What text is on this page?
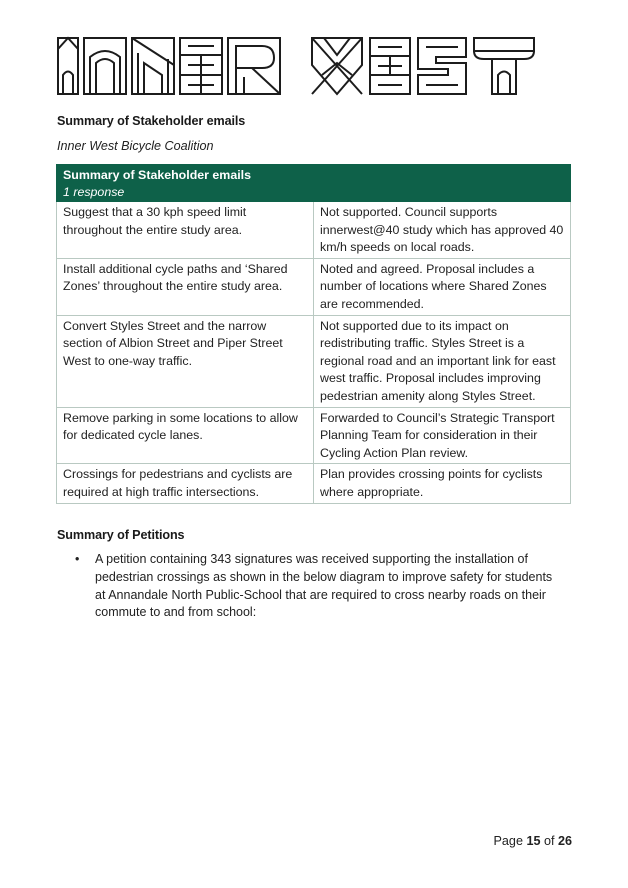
Summary of Stakeholder emails
Inner West Bicycle Coalition
Summary of Stakeholder emails
1 response	

Suggest that a 30 kph speed limit throughout the entire study area.	Not supported. Council supports innerwest@40 study which has approved 40 km/h speeds on local roads.
Install additional cycle paths and ‘Shared Zones’ throughout the entire study area.	Noted and agreed. Proposal includes a number of locations where Shared Zones are recommended.
Convert Styles Street and the narrow section of Albion Street and Piper Street West to one-way traffic.	Not supported due to its impact on redistributing traffic. Styles Street is a regional road and an important link for east west traffic. Proposal includes improving pedestrian amenity along Styles Street.
Remove parking in some locations to allow for dedicated cycle lanes.	Forwarded to Council’s Strategic Transport Planning Team for consideration in their Cycling Action Plan review.
Crossings for pedestrians and cyclists are required at high traffic intersections.	Plan provides crossing points for cyclists where appropriate.
Summary of Petitions
• A petition containing 343 signatures was received supporting the installation of pedestrian crossings as shown in the below diagram to improve safety for students at Annandale North Public-School that are required to cross nearby roads on their commute to and from school:
Page 15 of 26
